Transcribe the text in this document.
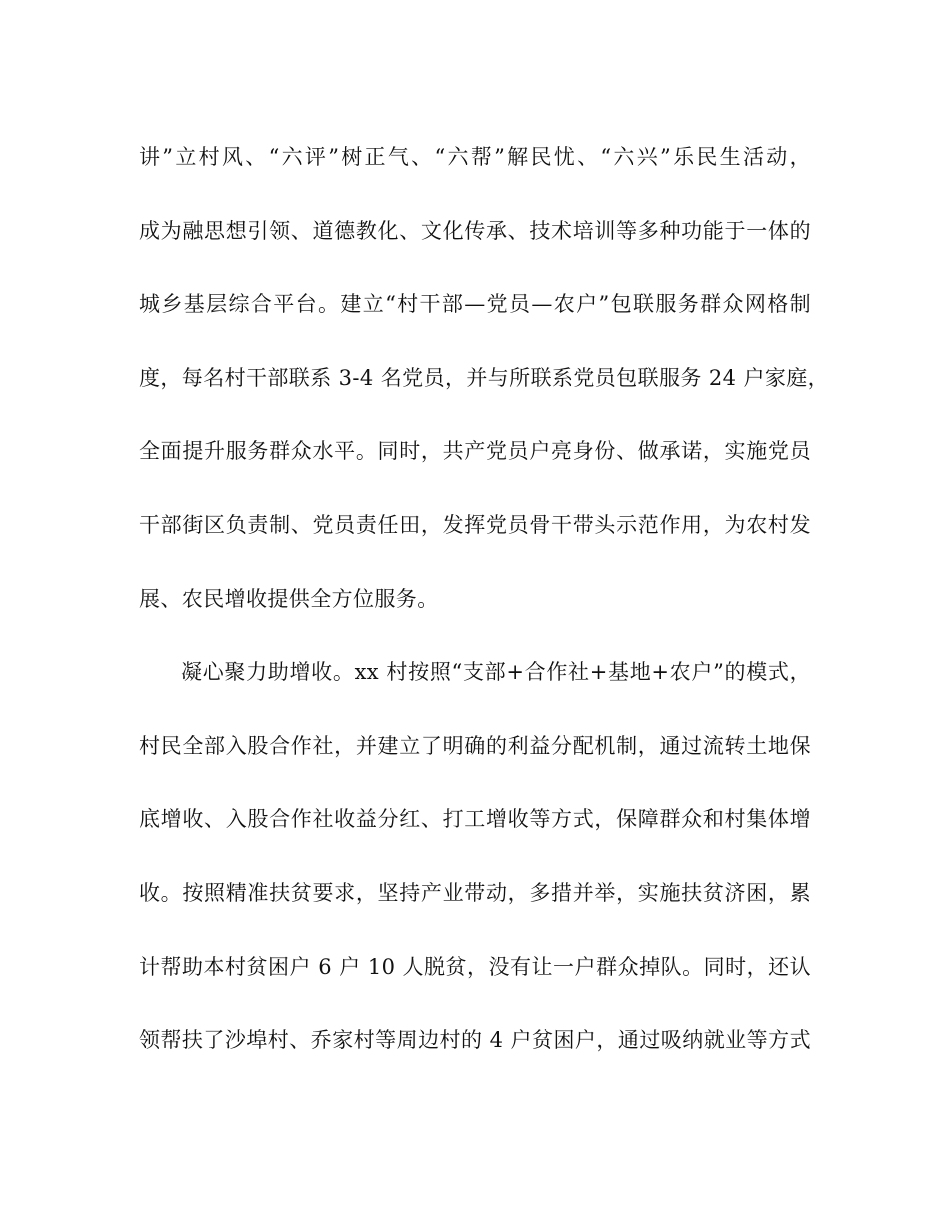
讲”立村风、“六评”树正气、“六帮”解民忧、“六兴”乐民生活动，
成为融思想引领、道德教化、文化传承、技术培训等多种功能于一体的
城乡基层综合平台。建立“村干部—党员—农户”包联服务群众网格制
度，每名村干部联系 3-4 名党员，并与所联系党员包联服务 24 户家庭，
全面提升服务群众水平。同时，共产党员户亮身份、做承诺，实施党员
干部街区负责制、党员责任田，发挥党员骨干带头示范作用，为农村发
展、农民增收提供全方位服务。
凝心聚力助增收。xx 村按照“支部+合作社+基地+农户”的模式，
村民全部入股合作社，并建立了明确的利益分配机制，通过流转土地保
底增收、入股合作社收益分红、打工增收等方式，保障群众和村集体增
收。按照精准扶贫要求，坚持产业带动，多措并举，实施扶贫济困，累
计帮助本村贫困户 6 户 10 人脱贫，没有让一户群众掉队。同时，还认
领帮扶了沙埠村、乔家村等周边村的 4 户贫困户，通过吸纳就业等方式
